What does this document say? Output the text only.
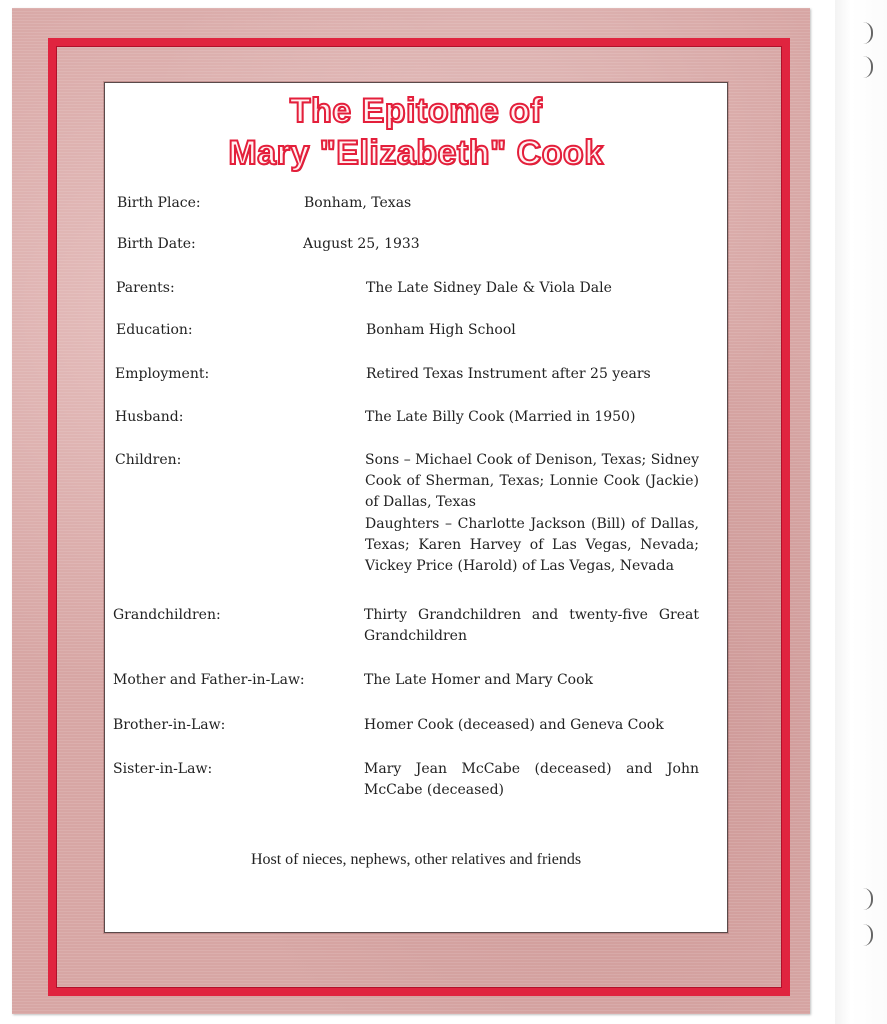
The Epitome of
Mary "Elizabeth" Cook
Birth Place:	Bonham, Texas
Birth Date:	August 25, 1933
Parents:	The Late Sidney Dale & Viola Dale
Education:	Bonham High School
Employment:	Retired Texas Instrument after 25 years
Husband:	The Late Billy Cook (Married in 1950)
Children:	Sons – Michael Cook of Denison, Texas; Sidney Cook of Sherman, Texas; Lonnie Cook (Jackie) of Dallas, Texas
Daughters – Charlotte Jackson (Bill) of Dallas, Texas; Karen Harvey of Las Vegas, Nevada; Vickey Price (Harold) of Las Vegas, Nevada
Grandchildren:	Thirty Grandchildren and twenty-five Great Grandchildren
Mother and Father-in-Law:	The Late Homer and Mary Cook
Brother-in-Law:	Homer Cook (deceased) and Geneva Cook
Sister-in-Law:	Mary Jean McCabe (deceased) and John McCabe (deceased)
Host of nieces, nephews, other relatives and friends
